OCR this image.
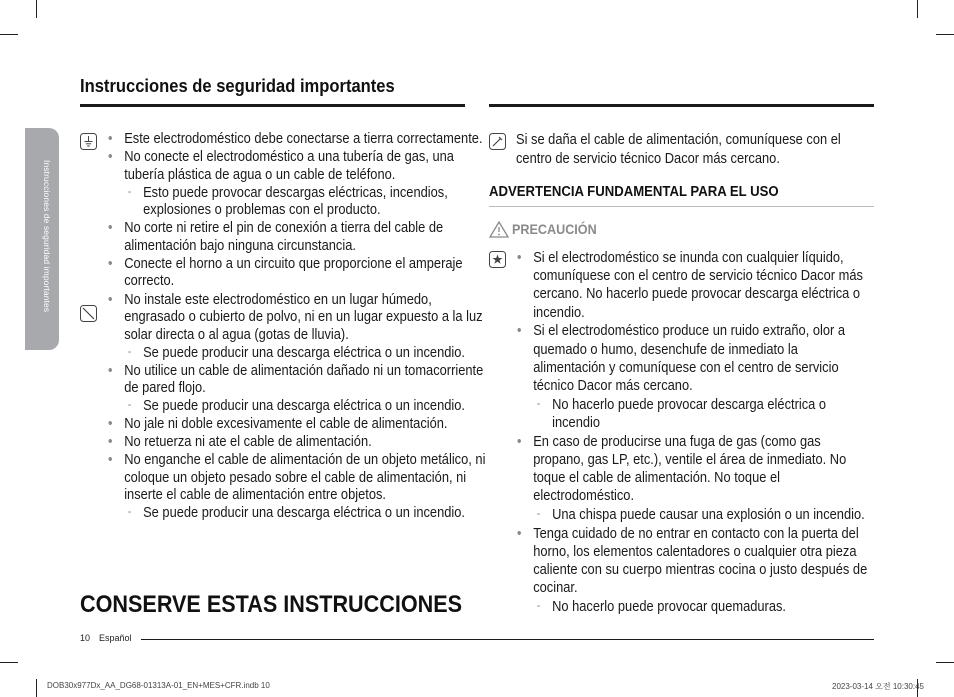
Instrucciones de seguridad importantes
Instrucciones de seguridad importantes
• Este electrodoméstico debe conectarse a tierra correctamente.
• No conecte el electrodoméstico a una tubería de gas, una tubería plástica de agua o un cable de teléfono.
- Esto puede provocar descargas eléctricas, incendios, explosiones o problemas con el producto.
• No corte ni retire el pin de conexión a tierra del cable de alimentación bajo ninguna circunstancia.
• Conecte el horno a un circuito que proporcione el amperaje correcto.
• No instale este electrodoméstico en un lugar húmedo, engrasado o cubierto de polvo, ni en un lugar expuesto a la luz solar directa o al agua (gotas de lluvia).
- Se puede producir una descarga eléctrica o un incendio.
• No utilice un cable de alimentación dañado ni un tomacorriente de pared flojo.
- Se puede producir una descarga eléctrica o un incendio.
• No jale ni doble excesivamente el cable de alimentación.
• No retuerza ni ate el cable de alimentación.
• No enganche el cable de alimentación de un objeto metálico, ni coloque un objeto pesado sobre el cable de alimentación, ni inserte el cable de alimentación entre objetos.
- Se puede producir una descarga eléctrica o un incendio.
CONSERVE ESTAS INSTRUCCIONES
Si se daña el cable de alimentación, comuníquese con el centro de servicio técnico Dacor más cercano.
ADVERTENCIA FUNDAMENTAL PARA EL USO
PRECAUCIÓN
• Si el electrodoméstico se inunda con cualquier líquido, comuníquese con el centro de servicio técnico Dacor más cercano. No hacerlo puede provocar descarga eléctrica o incendio.
• Si el electrodoméstico produce un ruido extraño, olor a quemado o humo, desenchufe de inmediato la alimentación y comuníquese con el centro de servicio técnico Dacor más cercano.
- No hacerlo puede provocar descarga eléctrica o incendio
• En caso de producirse una fuga de gas (como gas propano, gas LP, etc.), ventile el área de inmediato. No toque el cable de alimentación. No toque el electrodoméstico.
- Una chispa puede causar una explosión o un incendio.
• Tenga cuidado de no entrar en contacto con la puerta del horno, los elementos calentadores o cualquier otra pieza caliente con su cuerpo mientras cocina o justo después de cocinar.
- No hacerlo puede provocar quemaduras.
10 Español
DOB30x977Dx_AA_DG68-01313A-01_EN+MES+CFR.indb 10	2023-03-14 오전 10:30:45
